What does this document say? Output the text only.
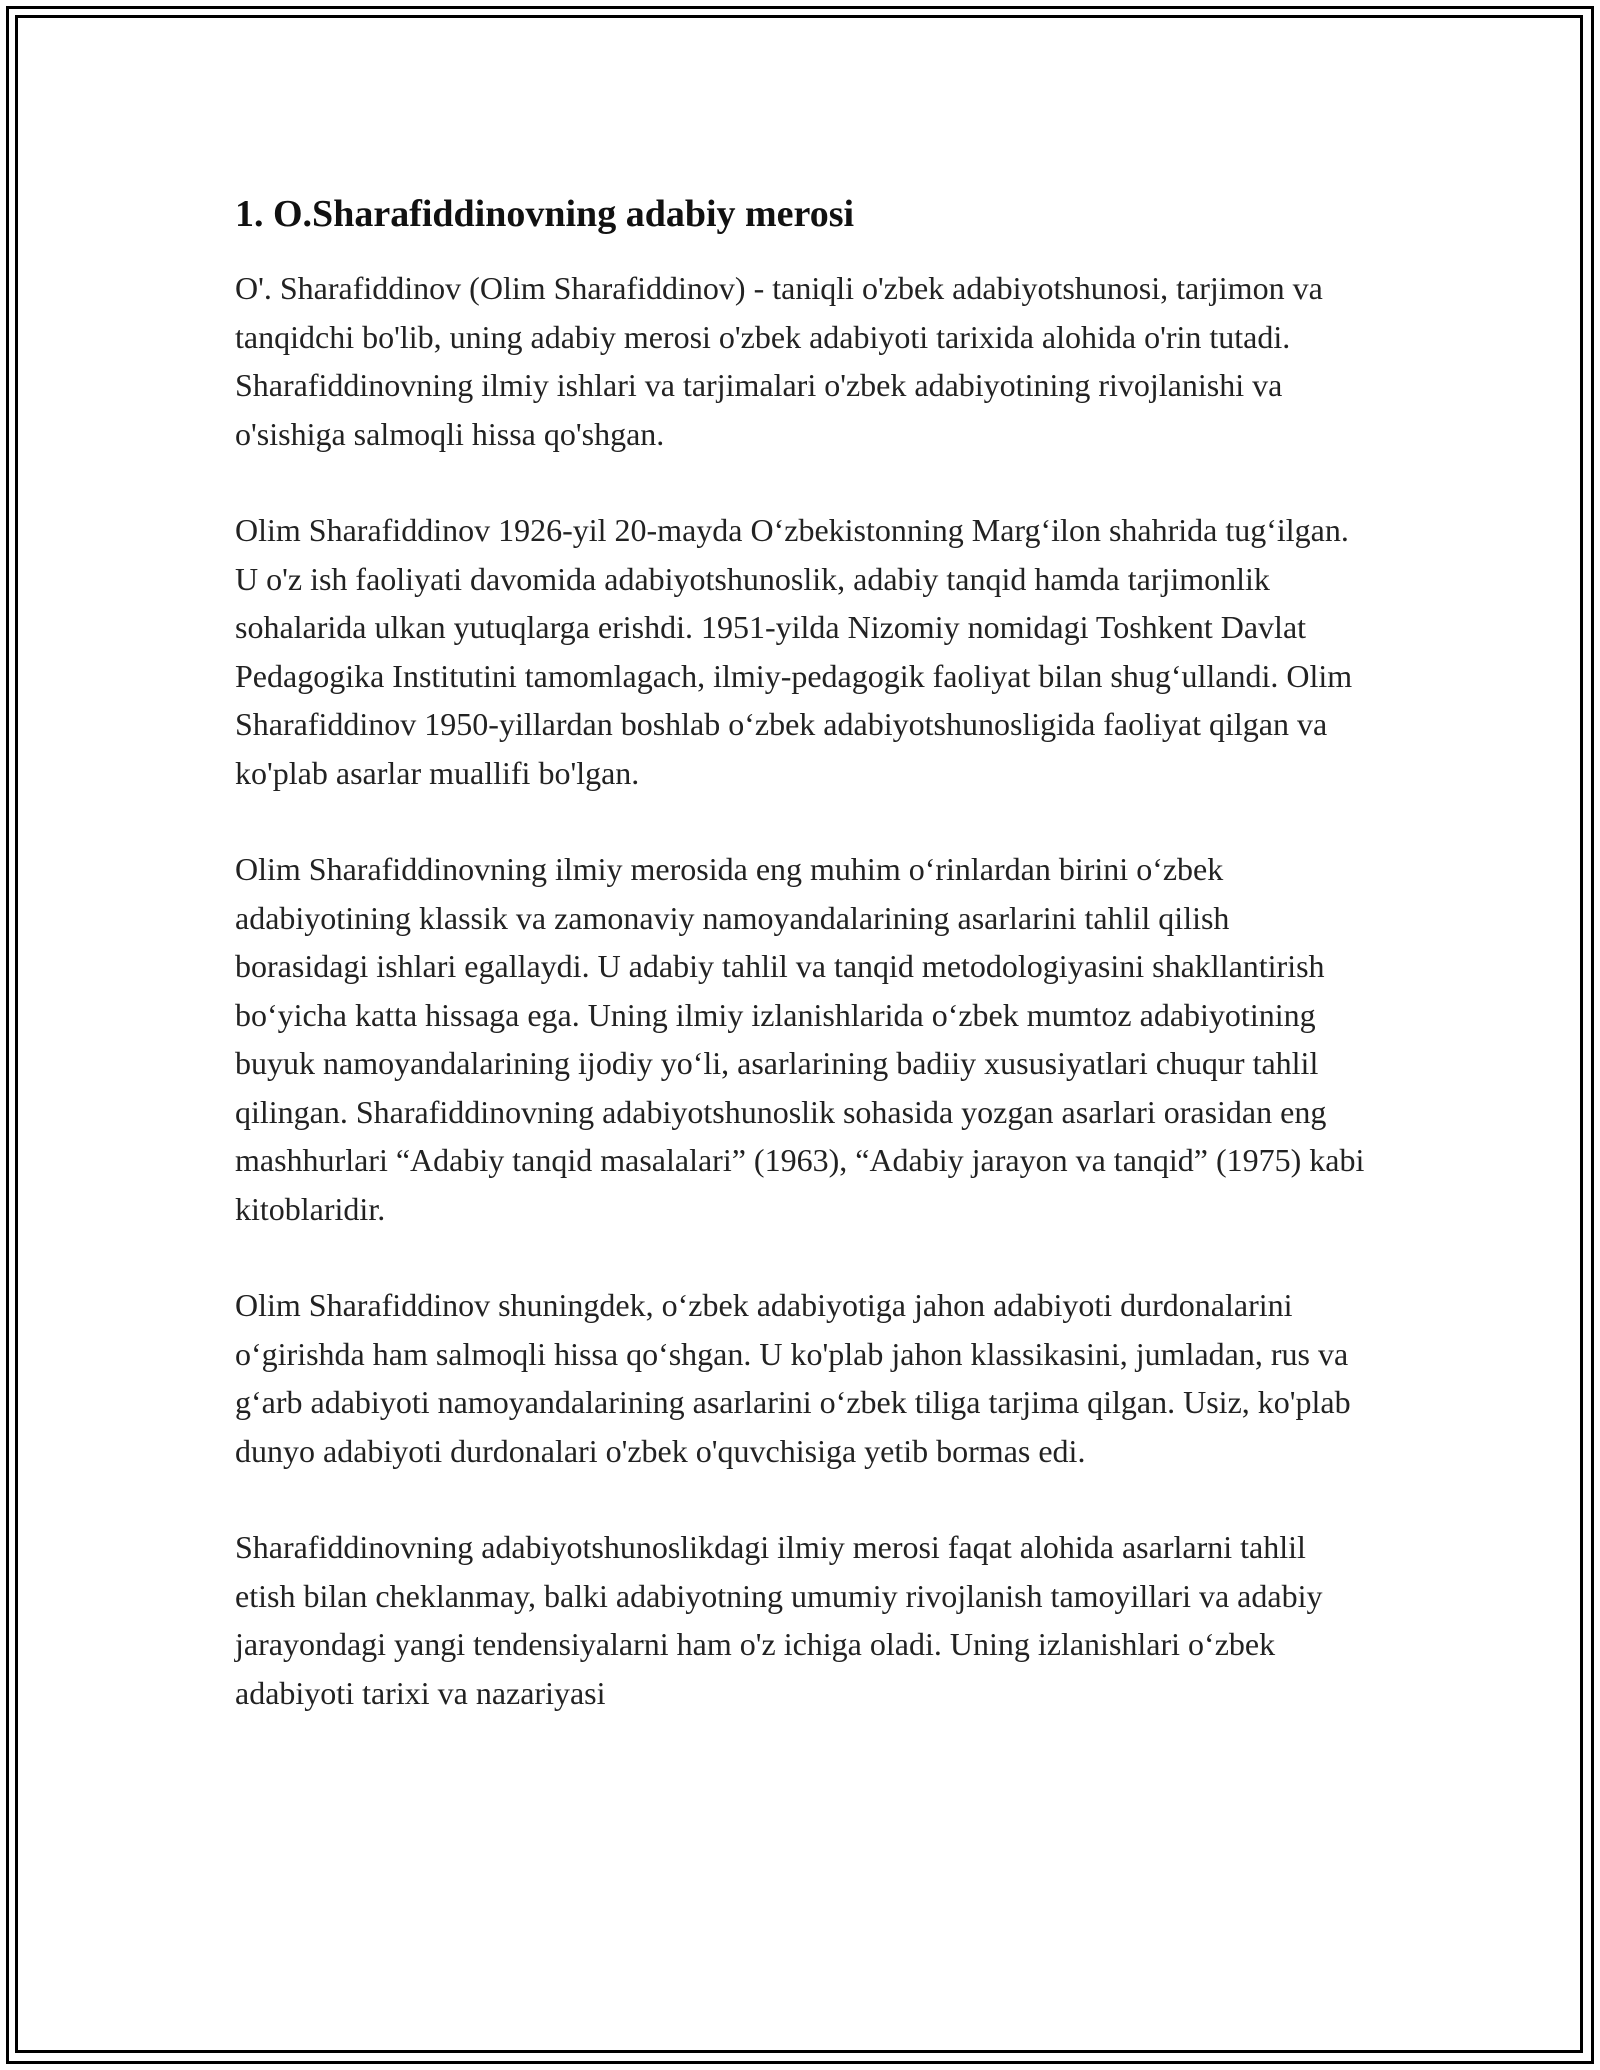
1. O.Sharafiddinovning adabiy merosi

O'. Sharafiddinov (Olim Sharafiddinov) - taniqli o'zbek adabiyotshunosi, tarjimon va tanqidchi bo'lib, uning adabiy merosi o'zbek adabiyoti tarixida alohida o'rin tutadi. Sharafiddinovning ilmiy ishlari va tarjimalari o'zbek adabiyotining rivojlanishi va o'sishiga salmoqli hissa qo'shgan.

Olim Sharafiddinov 1926-yil 20-mayda O‘zbekistonning Marg‘ilon shahrida tug‘ilgan. U o'z ish faoliyati davomida adabiyotshunoslik, adabiy tanqid hamda tarjimonlik sohalarida ulkan yutuqlarga erishdi. 1951-yilda Nizomiy nomidagi Toshkent Davlat Pedagogika Institutini tamomlagach, ilmiy-pedagogik faoliyat bilan shug‘ullandi. Olim Sharafiddinov 1950-yillardan boshlab o‘zbek adabiyotshunosligida faoliyat qilgan va ko'plab asarlar muallifi bo'lgan.

Olim Sharafiddinovning ilmiy merosida eng muhim o‘rinlardan birini o‘zbek adabiyotining klassik va zamonaviy namoyandalarining asarlarini tahlil qilish borasidagi ishlari egallaydi. U adabiy tahlil va tanqid metodologiyasini shakllantirish bo‘yicha katta hissaga ega. Uning ilmiy izlanishlarida o‘zbek mumtoz adabiyotining buyuk namoyandalarining ijodiy yo‘li, asarlarining badiiy xususiyatlari chuqur tahlil qilingan. Sharafiddinovning adabiyotshunoslik sohasida yozgan asarlari orasidan eng mashhurlari “Adabiy tanqid masalalari” (1963), “Adabiy jarayon va tanqid” (1975) kabi kitoblaridir.

Olim Sharafiddinov shuningdek, o‘zbek adabiyotiga jahon adabiyoti durdonalarini o‘girishda ham salmoqli hissa qo‘shgan. U ko'plab jahon klassikasini, jumladan, rus va g‘arb adabiyoti namoyandalarining asarlarini o‘zbek tiliga tarjima qilgan. Usiz, ko'plab dunyo adabiyoti durdonalari o'zbek o'quvchisiga yetib bormas edi.

Sharafiddinovning adabiyotshunoslikdagi ilmiy merosi faqat alohida asarlarni tahlil etish bilan cheklanmay, balki adabiyotning umumiy rivojlanish tamoyillari va adabiy jarayondagi yangi tendensiyalarni ham o'z ichiga oladi. Uning izlanishlari o‘zbek adabiyoti tarixi va nazariyasi
